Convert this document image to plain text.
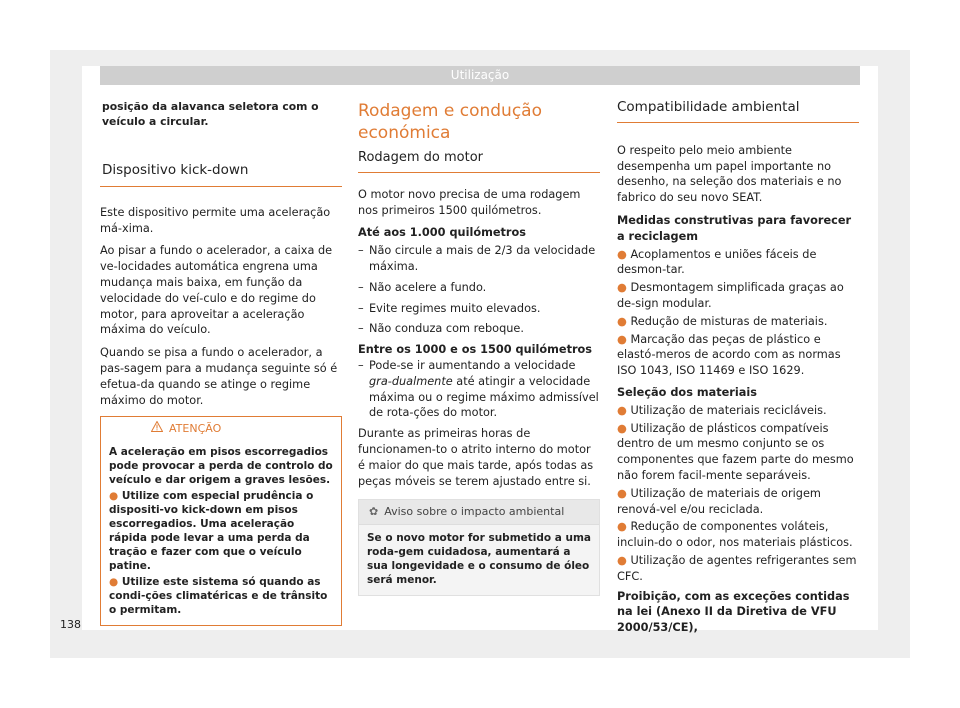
Utilização

posição da alavanca seletora com o veículo a circular.

Dispositivo kick-down

Este dispositivo permite uma aceleração má-xima.

Ao pisar a fundo o acelerador, a caixa de ve-locidades automática engrena uma mudança mais baixa, em função da velocidade do veí-culo e do regime do motor, para aproveitar a aceleração máxima do veículo.

Quando se pisa a fundo o acelerador, a pas-sagem para a mudança seguinte só é efetua-da quando se atinge o regime máximo do motor.

ATENÇÃO

A aceleração em pisos escorregadios pode provocar a perda de controlo do veículo e dar origem a graves lesões.

● Utilize com especial prudência o dispositi-vo kick-down em pisos escorregadios. Uma aceleração rápida pode levar a uma perda da tração e fazer com que o veículo patine.

● Utilize este sistema só quando as condi-ções climatéricas e de trânsito o permitam.

Rodagem e condução económica
Rodagem do motor

O motor novo precisa de uma rodagem nos primeiros 1500 quilómetros.

Até aos 1.000 quilómetros

– Não circule a mais de 2/3 da velocidade máxima.
– Não acelere a fundo.
– Evite regimes muito elevados.
– Não conduza com reboque.

Entre os 1000 e os 1500 quilómetros

– Pode-se ir aumentando a velocidade gra-dualmente até atingir a velocidade máxima ou o regime máximo admissível de rota-ções do motor.

Durante as primeiras horas de funcionamen-to o atrito interno do motor é maior do que mais tarde, após todas as peças móveis se terem ajustado entre si.

✿ Aviso sobre o impacto ambiental
Se o novo motor for submetido a uma roda-gem cuidadosa, aumentará a sua longevidade e o consumo de óleo será menor.
Compatibilidade ambiental

O respeito pelo meio ambiente desempenha um papel importante no desenho, na seleção dos materiais e no fabrico do seu novo SEAT.

Medidas construtivas para favorecer a reciclagem

● Acoplamentos e uniões fáceis de desmon-tar.

● Desmontagem simplificada graças ao de-sign modular.

● Redução de misturas de materiais.

● Marcação das peças de plástico e elastó-meros de acordo com as normas ISO 1043, ISO 11469 e ISO 1629.

Seleção dos materiais

● Utilização de materiais recicláveis.

● Utilização de plásticos compatíveis dentro de um mesmo conjunto se os componentes que fazem parte do mesmo não forem facil-mente separáveis.

● Utilização de materiais de origem renová-vel e/ou reciclada.

● Redução de componentes voláteis, incluin-do o odor, nos materiais plásticos.

● Utilização de agentes refrigerantes sem CFC.

Proibição, com as exceções contidas na lei (Anexo II da Diretiva de VFU 2000/53/CE),

138
